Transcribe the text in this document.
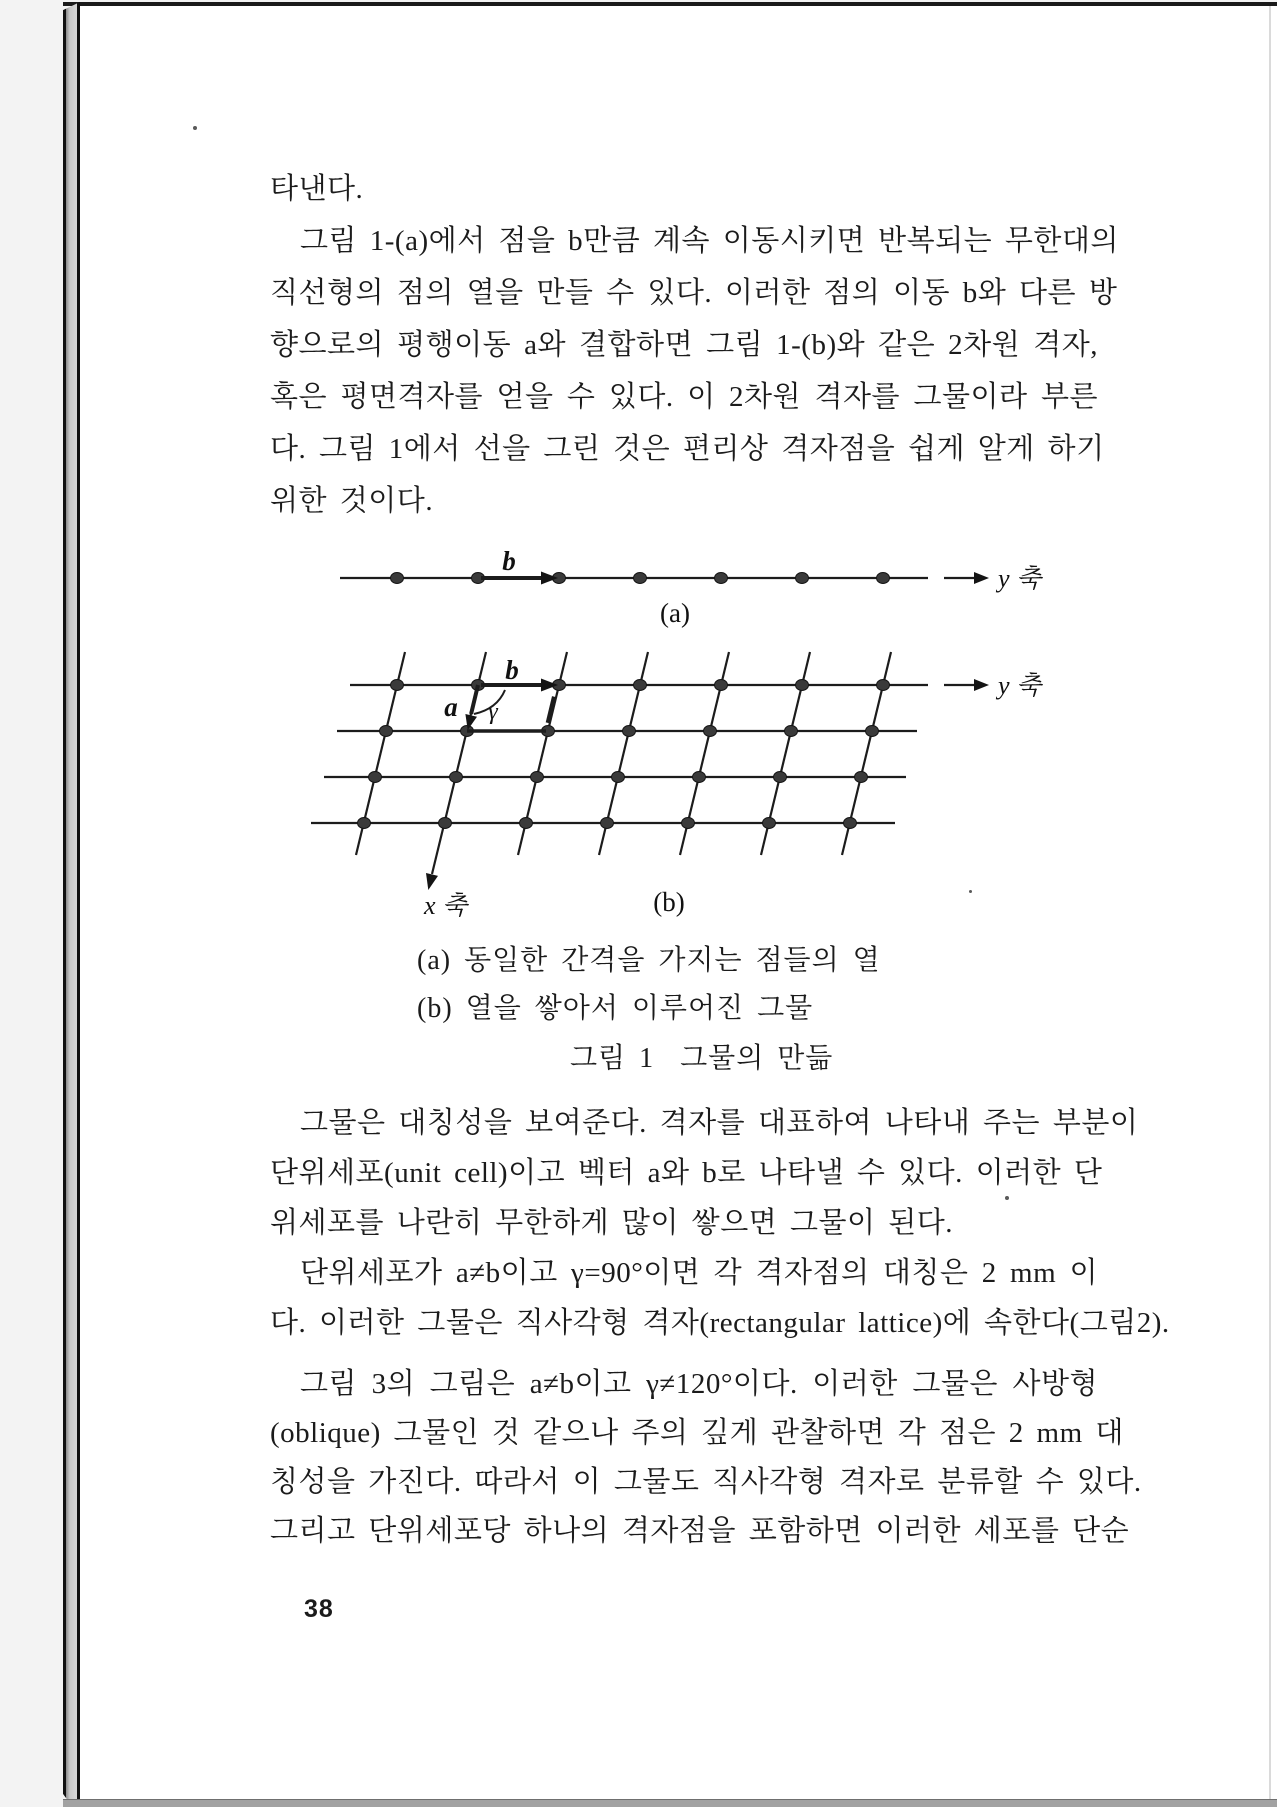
타낸다.
그림 1-(a)에서 점을 b만큼 계속 이동시키면 반복되는 무한대의
직선형의 점의 열을 만들 수 있다. 이러한 점의 이동 b와 다른 방
향으로의 평행이동 a와 결합하면 그림 1-(b)와 같은 2차원 격자,
혹은 평면격자를 얻을 수 있다. 이 2차원 격자를 그물이라 부른
다. 그림 1에서 선을 그린 것은 편리상 격자점을 쉽게 알게 하기
위한 것이다.
그물은 대칭성을 보여준다. 격자를 대표하여 나타내 주는 부분이
단위세포(unit cell)이고 벡터 a와 b로 나타낼 수 있다. 이러한 단
위세포를 나란히 무한하게 많이 쌓으면 그물이 된다.
단위세포가 a≠b이고 γ=90°이면 각 격자점의 대칭은 2 mm 이
다. 이러한 그물은 직사각형 격자(rectangular lattice)에 속한다(그림2).
그림 3의 그림은 a≠b이고 γ≠120°이다. 이러한 그물은 사방형
(oblique) 그물인 것 같으나 주의 깊게 관찰하면 각 점은 2 mm 대
칭성을 가진다. 따라서 이 그물도 직사각형 격자로 분류할 수 있다.
그리고 단위세포당 하나의 격자점을 포함하면 이러한 세포를 단순
b
y 축
(a)
b
a γ
y 축
x 축	(b)
(a) 동일한 간격을 가지는 점들의 열
(b) 열을 쌓아서 이루어진 그물
그림 1  그물의 만듦
38
